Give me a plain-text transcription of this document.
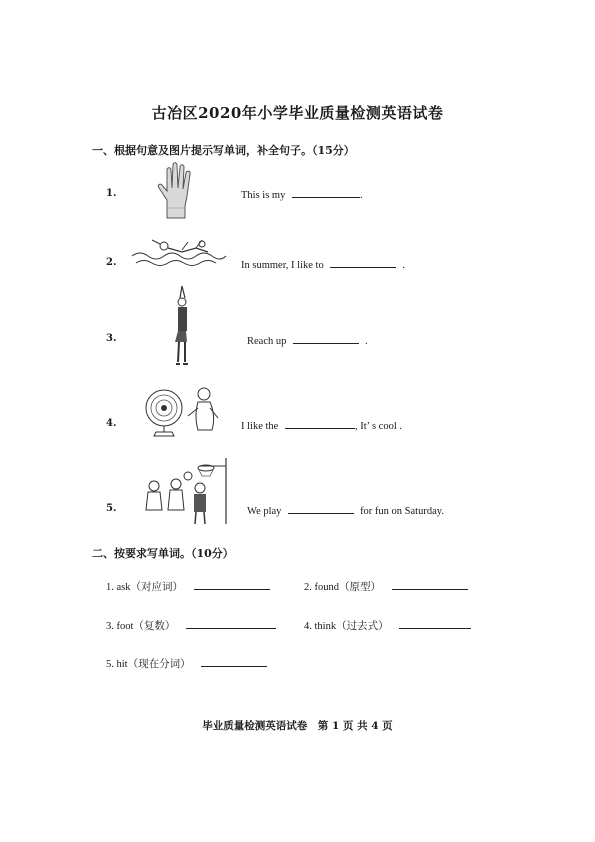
古冶区2020年小学毕业质量检测英语试卷
一、根据句意及图片提示写单词，补全句子。（15分）
1.	This is my	.
2.	In summer, I like to	.
3.	Reach up	.
4.	I like the	, It’ s cool .
5.	We play	for fun on Saturday.
二、按要求写单词。（10分）
1. ask（对应词）	2. found（原型）
3. foot（复数）	4. think（过去式）
5. hit（现在分词）
毕业质量检测英语试卷　第 1 页 共 4 页
